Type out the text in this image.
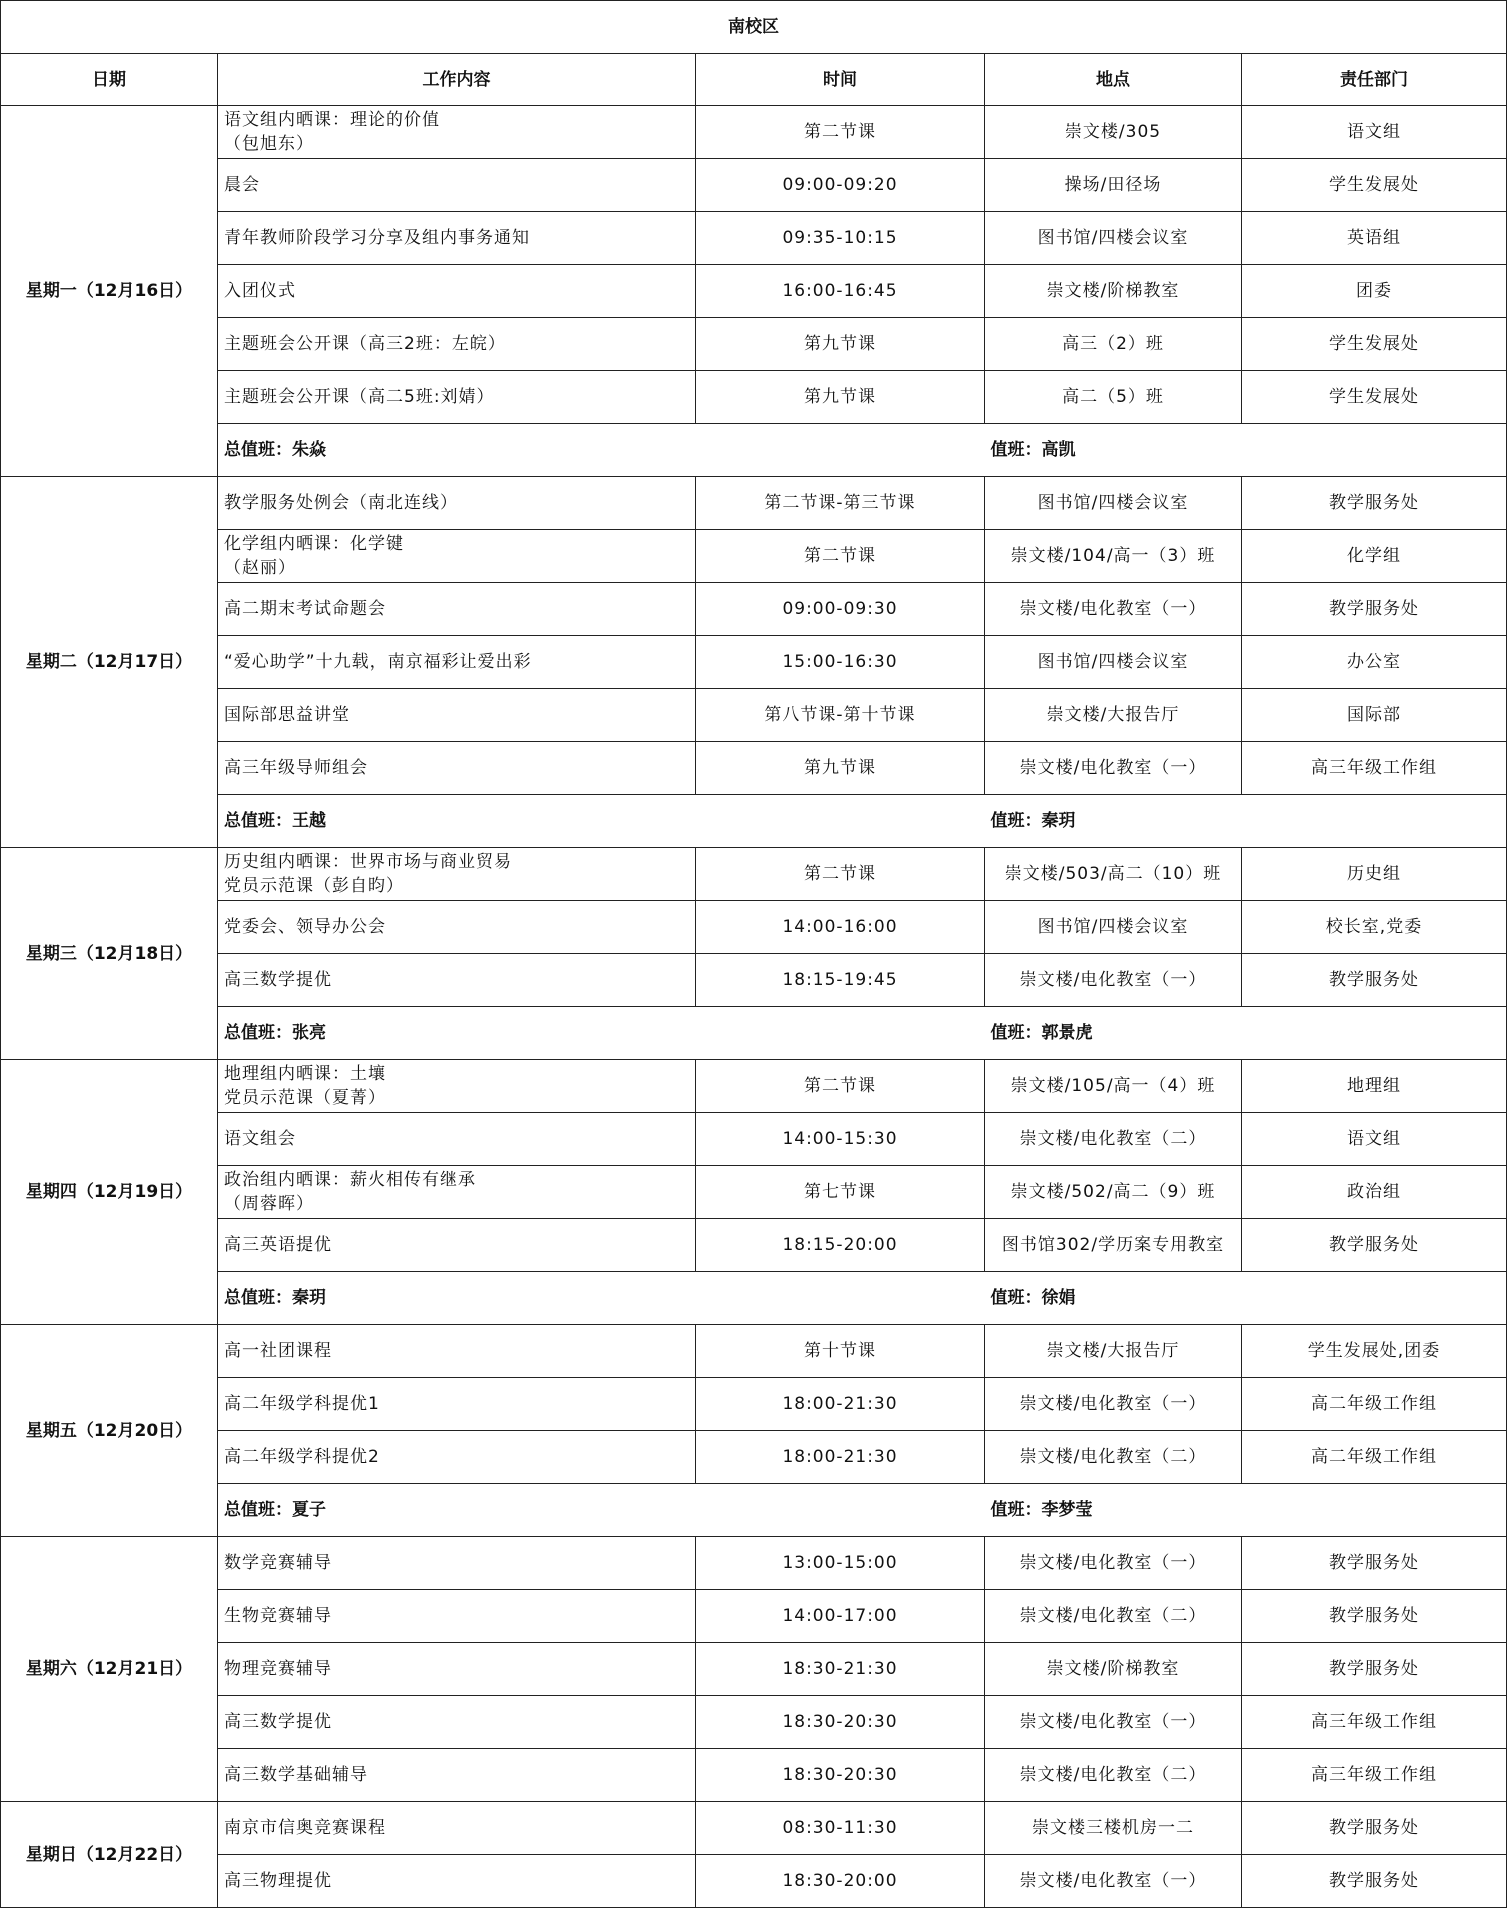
南校区				
日期	工作内容	时间	地点	责任部门
星期一（12月16日）	语文组内晒课：理论的价值
（包旭东）	第二节课	崇文楼/305	语文组
	晨会	09:00-09:20	操场/田径场	学生发展处
	青年教师阶段学习分享及组内事务通知	09:35-10:15	图书馆/四楼会议室	英语组
	入团仪式	16:00-16:45	崇文楼/阶梯教室	团委
	主题班会公开课（高三2班：左皖）	第九节课	高三（2）班	学生发展处
	主题班会公开课（高二5班:刘婧）	第九节课	高二（5）班	学生发展处
	总值班：朱焱		值班：高凯	
星期二（12月17日）	教学服务处例会（南北连线）	第二节课-第三节课	图书馆/四楼会议室	教学服务处
	化学组内晒课：化学键
（赵丽）	第二节课	崇文楼/104/高一（3）班	化学组
	高二期末考试命题会	09:00-09:30	崇文楼/电化教室（一）	教学服务处
	“爱心助学”十九载，南京福彩让爱出彩	15:00-16:30	图书馆/四楼会议室	办公室
	国际部思益讲堂	第八节课-第十节课	崇文楼/大报告厅	国际部
	高三年级导师组会	第九节课	崇文楼/电化教室（一）	高三年级工作组
	总值班：王越		值班：秦玥	
星期三（12月18日）	历史组内晒课：世界市场与商业贸易
党员示范课（彭自昀）	第二节课	崇文楼/503/高二（10）班	历史组
	党委会、领导办公会	14:00-16:00	图书馆/四楼会议室	校长室,党委
	高三数学提优	18:15-19:45	崇文楼/电化教室（一）	教学服务处
	总值班：张亮		值班：郭景虎	
星期四（12月19日）	地理组内晒课：土壤
党员示范课（夏菁）	第二节课	崇文楼/105/高一（4）班	地理组
	语文组会	14:00-15:30	崇文楼/电化教室（二）	语文组
	政治组内晒课：薪火相传有继承
（周蓉晖）	第七节课	崇文楼/502/高二（9）班	政治组
	高三英语提优	18:15-20:00	图书馆302/学历案专用教室	教学服务处
	总值班：秦玥		值班：徐娟	
星期五（12月20日）	高一社团课程	第十节课	崇文楼/大报告厅	学生发展处,团委
	高二年级学科提优1	18:00-21:30	崇文楼/电化教室（一）	高二年级工作组
	高二年级学科提优2	18:00-21:30	崇文楼/电化教室（二）	高二年级工作组
	总值班：夏子		值班：李梦莹	
星期六（12月21日）	数学竞赛辅导	13:00-15:00	崇文楼/电化教室（一）	教学服务处
	生物竞赛辅导	14:00-17:00	崇文楼/电化教室（二）	教学服务处
	物理竞赛辅导	18:30-21:30	崇文楼/阶梯教室	教学服务处
	高三数学提优	18:30-20:30	崇文楼/电化教室（一）	高三年级工作组
	高三数学基础辅导	18:30-20:30	崇文楼/电化教室（二）	高三年级工作组
星期日（12月22日）	南京市信奥竞赛课程	08:30-11:30	崇文楼三楼机房一二	教学服务处
	高三物理提优	18:30-20:00	崇文楼/电化教室（一）	教学服务处
